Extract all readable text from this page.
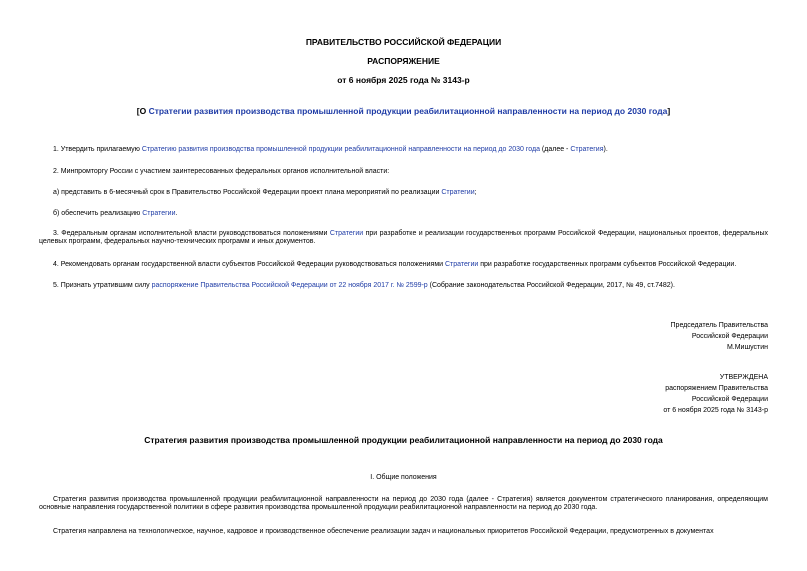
ПРАВИТЕЛЬСТВО РОССИЙСКОЙ ФЕДЕРАЦИИ
РАСПОРЯЖЕНИЕ
от 6 ноября 2025 года № 3143-р
[О Стратегии развития производства промышленной продукции реабилитационной направленности на период до 2030 года]
1. Утвердить прилагаемую Стратегию развития производства промышленной продукции реабилитационной направленности на период до 2030 года (далее - Стратегия).
2. Минпромторгу России с участием заинтересованных федеральных органов исполнительной власти:
а) представить в 6-месячный срок в Правительство Российской Федерации проект плана мероприятий по реализации Стратегии;
б) обеспечить реализацию Стратегии.
3. Федеральным органам исполнительной власти руководствоваться положениями Стратегии при разработке и реализации государственных программ Российской Федерации, национальных проектов, федеральных целевых программ, федеральных научно-технических программ и иных документов.
4. Рекомендовать органам государственной власти субъектов Российской Федерации руководствоваться положениями Стратегии при разработке государственных программ субъектов Российской Федерации.
5. Признать утратившим силу распоряжение Правительства Российской Федерации от 22 ноября 2017 г. № 2599-р (Собрание законодательства Российской Федерации, 2017, № 49, ст.7482).
Председатель Правительства
Российской Федерации
М.Мишустин
УТВЕРЖДЕНА
распоряжением Правительства
Российской Федерации
от 6 ноября 2025 года № 3143-р
Стратегия развития производства промышленной продукции реабилитационной направленности на период до 2030 года
I. Общие положения
Стратегия развития производства промышленной продукции реабилитационной направленности на период до 2030 года (далее - Стратегия) является документом стратегического планирования, определяющим основные направления государственной политики в сфере развития производства промышленной продукции реабилитационной направленности на период до 2030 года.
Стратегия направлена на технологическое, научное, кадровое и производственное обеспечение реализации задач и национальных приоритетов Российской Федерации, предусмотренных в документах
